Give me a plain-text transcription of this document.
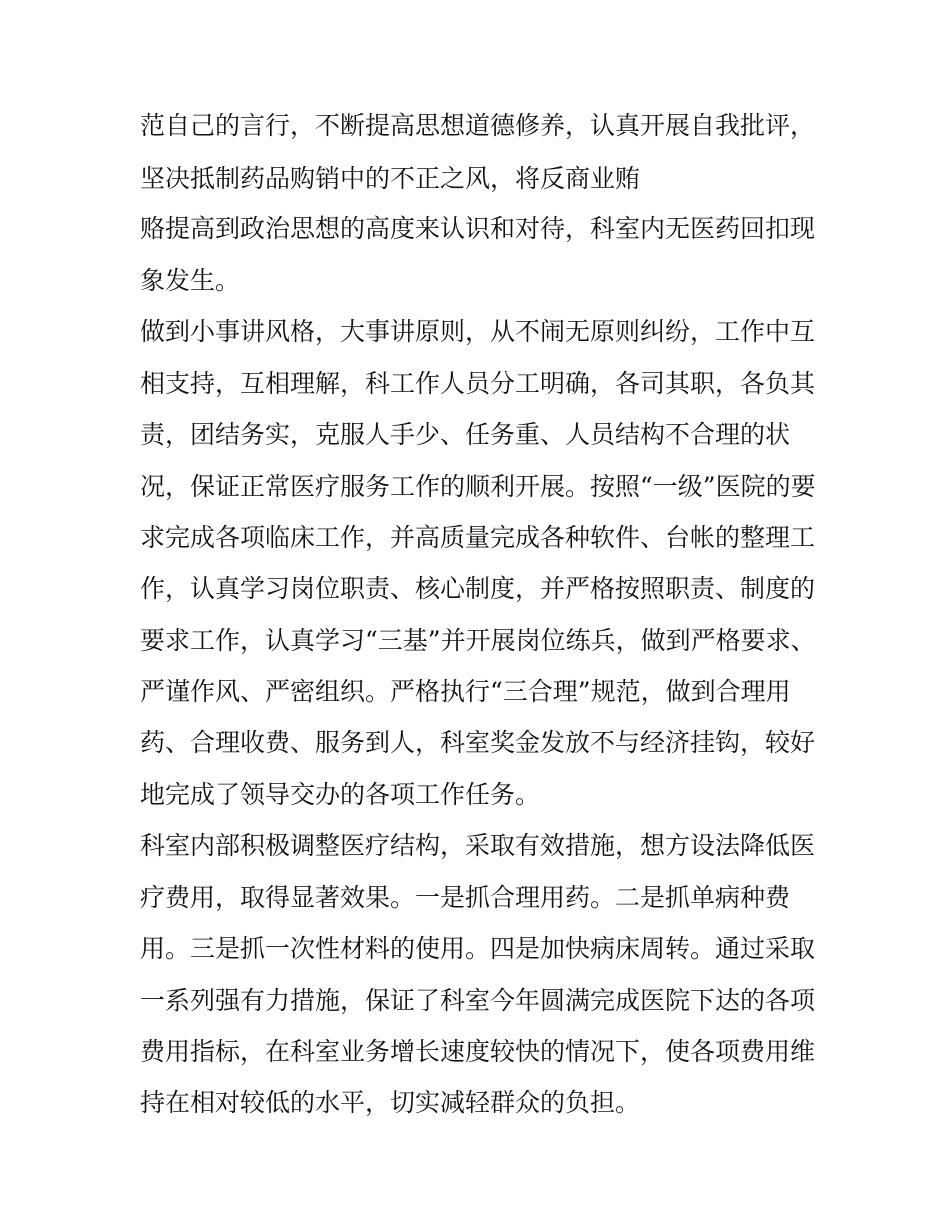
范自己的言行，不断提高思想道德修养，认真开展自我批评，
坚决抵制药品购销中的不正之风，将反商业贿
赂提高到政治思想的高度来认识和对待，科室内无医药回扣现
象发生。
做到小事讲风格，大事讲原则，从不闹无原则纠纷，工作中互
相支持，互相理解，科工作人员分工明确，各司其职，各负其
责，团结务实，克服人手少、任务重、人员结构不合理的状
况，保证正常医疗服务工作的顺利开展。按照“一级”医院的要
求完成各项临床工作，并高质量完成各种软件、台帐的整理工
作，认真学习岗位职责、核心制度，并严格按照职责、制度的
要求工作，认真学习“三基”并开展岗位练兵，做到严格要求、
严谨作风、严密组织。严格执行“三合理”规范，做到合理用
药、合理收费、服务到人，科室奖金发放不与经济挂钩，较好
地完成了领导交办的各项工作任务。
科室内部积极调整医疗结构，采取有效措施，想方设法降低医
疗费用，取得显著效果。一是抓合理用药。二是抓单病种费
用。三是抓一次性材料的使用。四是加快病床周转。通过采取
一系列强有力措施，保证了科室今年圆满完成医院下达的各项
费用指标，在科室业务增长速度较快的情况下，使各项费用维
持在相对较低的水平，切实减轻群众的负担。
